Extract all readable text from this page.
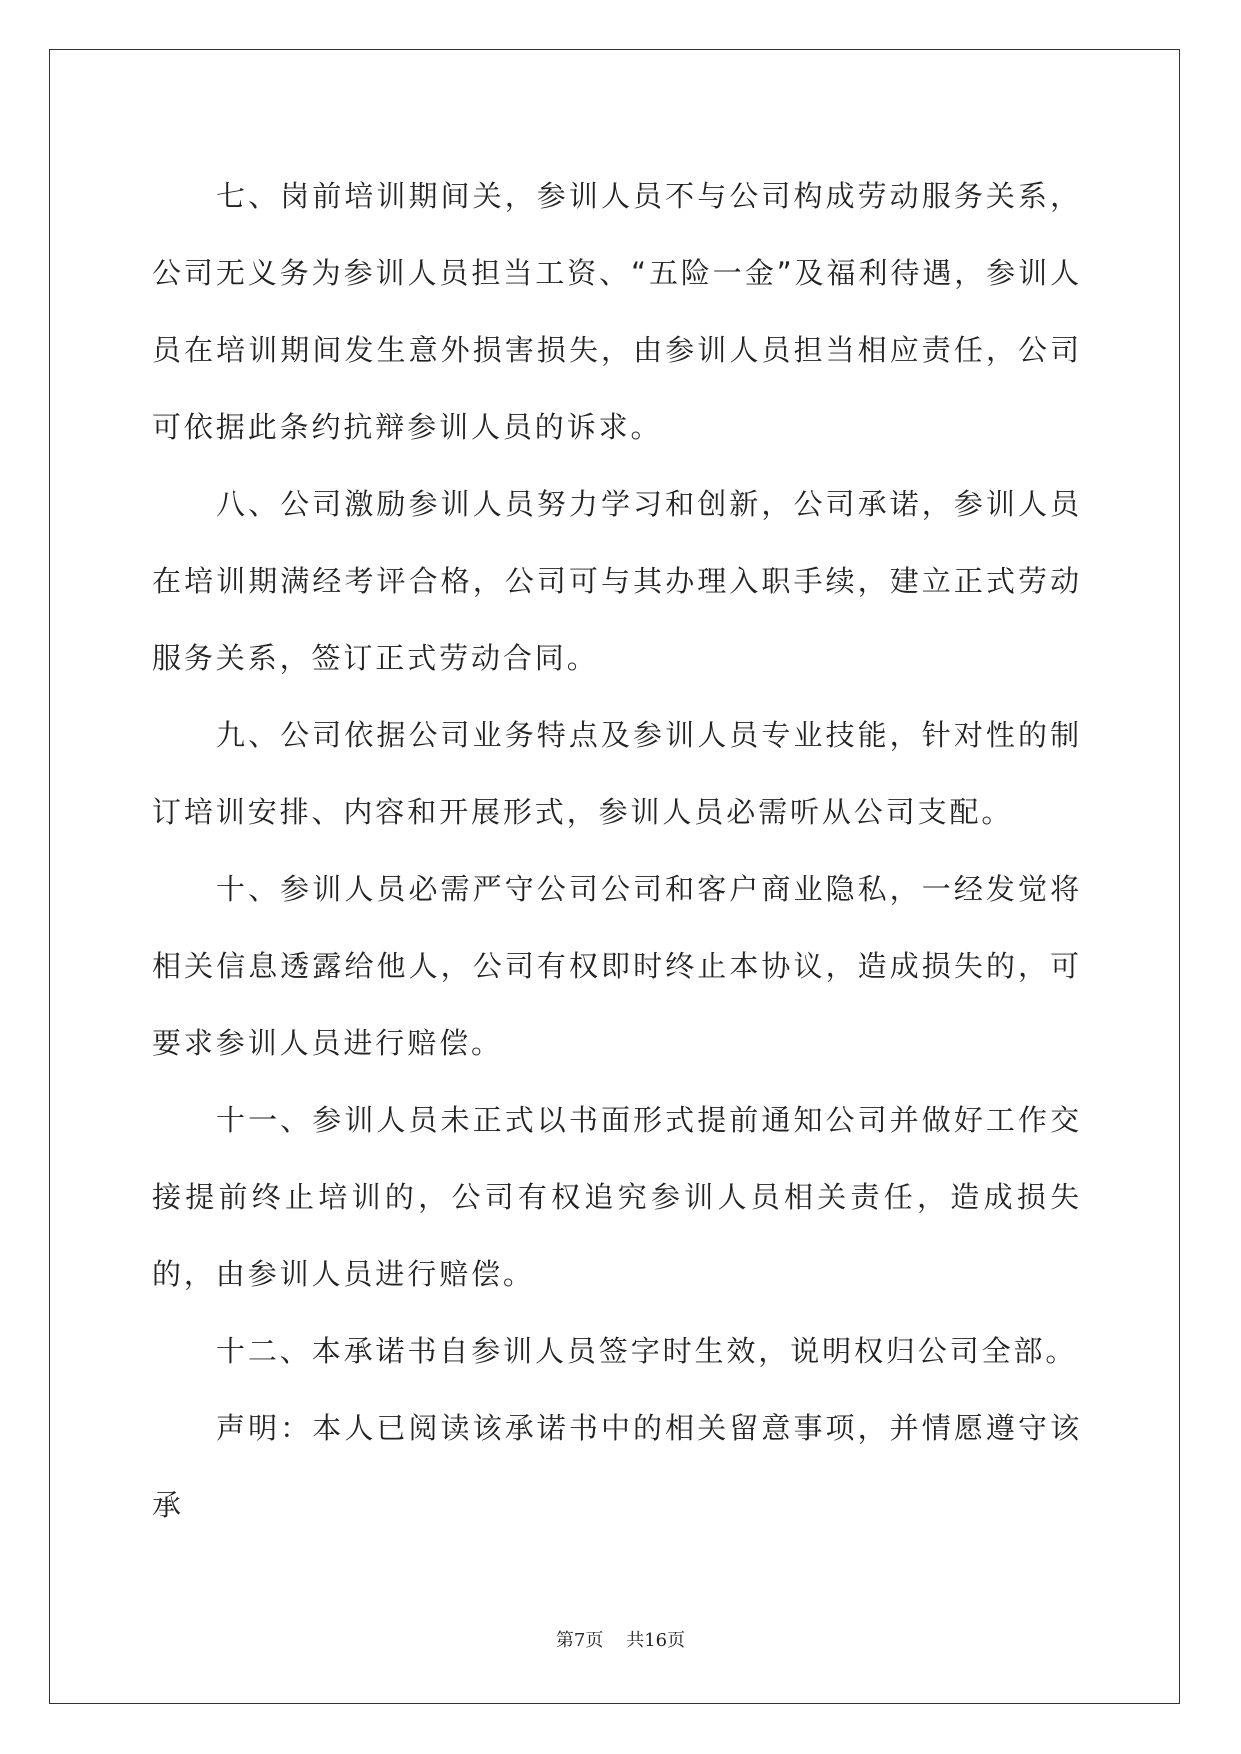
七、岗前培训期间关，参训人员不与公司构成劳动服务关系，公司无义务为参训人员担当工资、“五险一金”及福利待遇，参训人员在培训期间发生意外损害损失，由参训人员担当相应责任，公司可依据此条约抗辩参训人员的诉求。

八、公司激励参训人员努力学习和创新，公司承诺，参训人员在培训期满经考评合格，公司可与其办理入职手续，建立正式劳动服务关系，签订正式劳动合同。

九、公司依据公司业务特点及参训人员专业技能，针对性的制订培训安排、内容和开展形式，参训人员必需听从公司支配。

十、参训人员必需严守公司公司和客户商业隐私，一经发觉将相关信息透露给他人，公司有权即时终止本协议，造成损失的，可要求参训人员进行赔偿。

十一、参训人员未正式以书面形式提前通知公司并做好工作交接提前终止培训的，公司有权追究参训人员相关责任，造成损失的，由参训人员进行赔偿。

十二、本承诺书自参训人员签字时生效，说明权归公司全部。

声明：本人已阅读该承诺书中的相关留意事项，并情愿遵守该承

第7页 共16页
